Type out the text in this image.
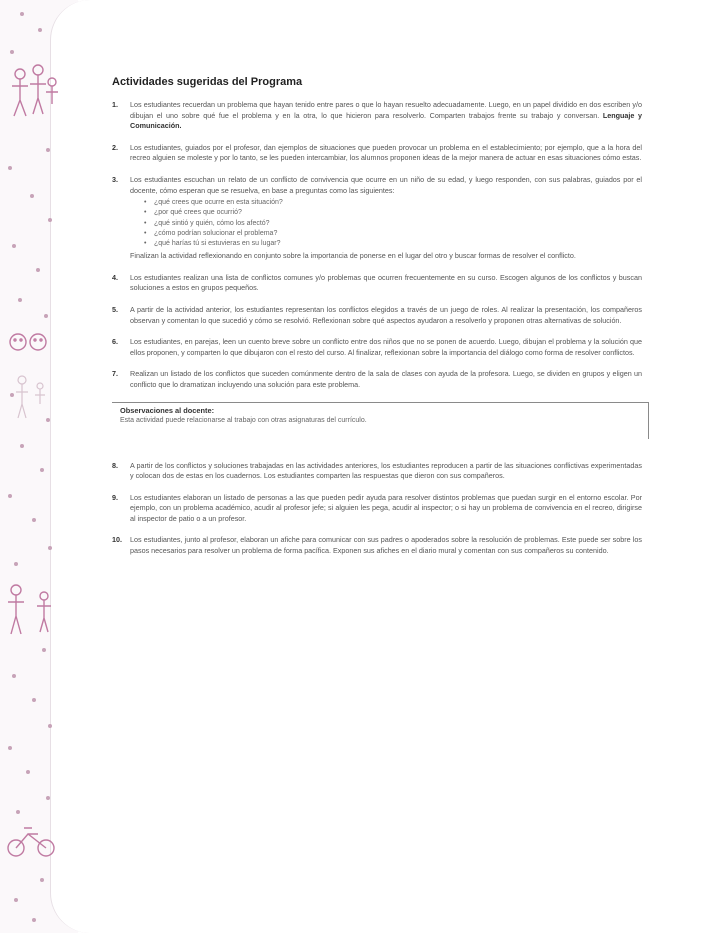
Actividades sugeridas del Programa
1. Los estudiantes recuerdan un problema que hayan tenido entre pares o que lo hayan resuelto adecuadamente. Luego, en un papel dividido en dos escriben y/o dibujan el uno sobre qué fue el problema y en la otra, lo que hicieron para resolverlo. Comparten trabajos frente su trabajo y conversan. Lenguaje y Comunicación.
2. Los estudiantes, guiados por el profesor, dan ejemplos de situaciones que pueden provocar un problema en el establecimiento; por ejemplo, que a la hora del recreo alguien se moleste y por lo tanto, se les pueden intercambiar, los alumnos proponen ideas de la mejor manera de actuar en esas situaciones cómo estas.
3. Los estudiantes escuchan un relato de un conflicto de convivencia que ocurre en un niño de su edad, y luego responden, con sus palabras, guiados por el docente, cómo esperan que se resuelva, en base a preguntas como las siguientes:
• ¿qué crees que ocurre en esta situación?
• ¿por qué crees que ocurrió?
• ¿qué sintió y quién, cómo los afectó?
• ¿cómo podrían solucionar el problema?
• ¿qué harías tú si estuvieras en su lugar?
Finalizan la actividad reflexionando en conjunto sobre la importancia de ponerse en el lugar del otro y buscar formas de resolver el conflicto.
4. Los estudiantes realizan una lista de conflictos comunes y/o problemas que ocurren frecuentemente en su curso. Escogen algunos de los conflictos y buscan soluciones a estos en grupos pequeños.
5. A partir de la actividad anterior, los estudiantes representan los conflictos elegidos a través de un juego de roles. Al realizar la presentación, los compañeros observan y comentan lo que sucedió y cómo se resolvió. Reflexionan sobre qué aspectos ayudaron a resolverlo y proponen otras alternativas de solución.
6. Los estudiantes, en parejas, leen un cuento breve sobre un conflicto entre dos niños que no se ponen de acuerdo. Luego, dibujan el problema y la solución que ellos proponen, y comparten lo que dibujaron con el resto del curso. Al finalizar, reflexionan sobre la importancia del diálogo como forma de resolver conflictos.
7. Realizan un listado de los conflictos que suceden comúnmente dentro de la sala de clases con ayuda de la profesora. Luego, se dividen en grupos y eligen un conflicto que lo dramatizan incluyendo una solución para este problema.
Observaciones al docente:
Esta actividad puede relacionarse al trabajo con otras asignaturas del currículo.
8. A partir de los conflictos y soluciones trabajadas en las actividades anteriores, los estudiantes reproducen a partir de las situaciones conflictivas experimentadas y colocan dos de estas en los cuadernos. Los estudiantes comparten las respuestas que dieron con sus compañeros.
9. Los estudiantes elaboran un listado de personas a las que pueden pedir ayuda para resolver distintos problemas que puedan surgir en el entorno escolar. Por ejemplo, con un problema académico, acudir al profesor jefe; si alguien les pega, acudir al inspector; o si hay un problema de convivencia en el recreo, dirigirse al inspector de patio o a un profesor.
10. Los estudiantes, junto al profesor, elaboran un afiche para comunicar con sus padres o apoderados sobre la resolución de problemas. Este puede ser sobre los pasos necesarios para resolver un problema de forma pacífica. Exponen sus afiches en el diario mural y comentan con sus compañeros su contenido.
